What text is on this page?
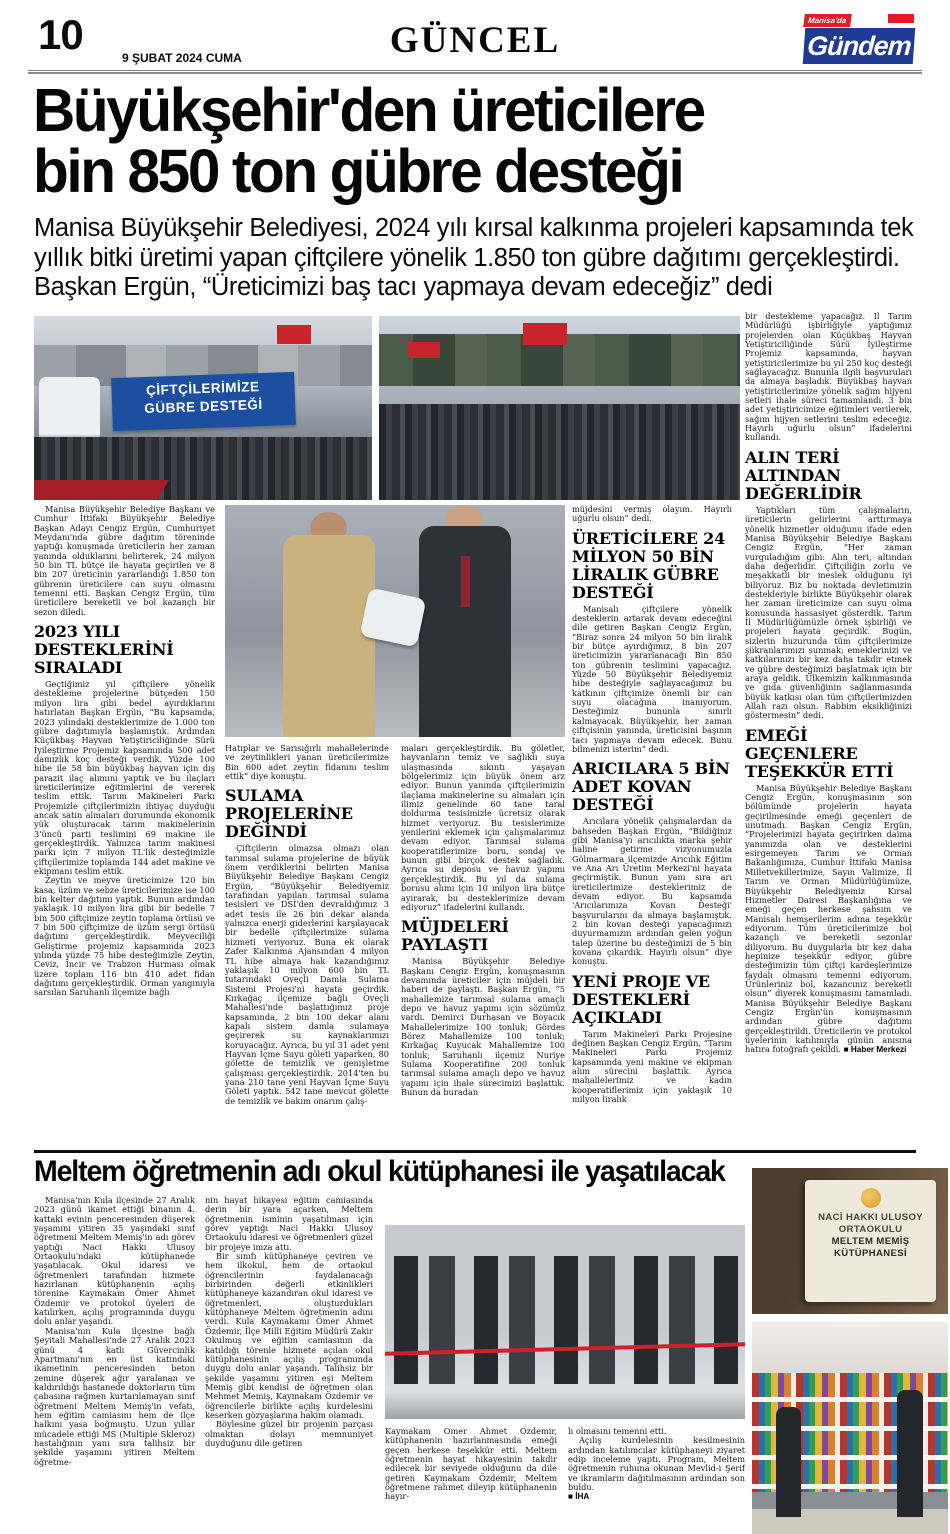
10	9 ŞUBAT 2024 CUMA	GÜNCEL	Manisa'da
Gündem
Büyükşehir'den üreticilere
bin 850 ton gübre desteği

Manisa Büyükşehir Belediyesi, 2024 yılı kırsal kalkınma projeleri kapsamında tek yıllık bitki üretimi yapan çiftçilere yönelik 1.850 ton gübre dağıtımı gerçekleştirdi. Başkan Ergün, “Üreticimizi baş tacı yapmaya devam edeceğiz” dedi

ÇİFTÇİLERİMİZE
GÜBRE DESTEĞİ

Manisa Büyükşehir Belediye Başkanı ve Cumhur İttifakı Büyükşehir Belediye Başkan Adayı Cengiz Ergün, Cumhuriyet Meydanı'nda gübre dağıtım töreninde yaptığı konuşmada üreticilerin her zaman yanında olduklarını belirterek, 24 milyon 50 bin TL bütçe ile hayata geçirilen ve 8 bin 207 üreticinin yararlandığı 1.850 ton gübrenin üreticilere can suyu olmasını temenni etti. Başkan Cengiz Ergün, tüm üreticilere bereketli ve bol kazançlı bir sezon diledi.

2023 YILI DESTEKLERİNİ SIRALADI

Geçtiğimiz yıl çiftçilere yönelik destekleme projelerine bütçeden 150 milyon lira gibi bedel ayırdıklarını hatırlatan Başkan Ergün, “Bu kapsamda, 2023 yılındaki desteklerimize de 1.000 ton gübre dağıtımıyla başlamıştık. Ardından Küçükbaş Hayvan Yetiştiriciliğinde Sürü İyileştirme Projemiz kapsamında 500 adet damızlık koç desteği verdik. Yüzde 100 hibe ile 58 bin büyükbaş hayvan için dış parazit ilaç alımını yaptık ve bu ilaçları üreticilerimize eğitimlerini de vererek teslim ettik. Tarım Makineleri Parkı Projemizle çiftçilerimizin ihtiyaç duyduğu ancak satın almaları durumunda ekonomik yük oluşturacak tarım makinelerinin 3'üncü parti teslimini 69 makine ile gerçekleştirdik. Yalnızca tarım makinesi parkı için 7 milyon TL'lik desteğimizle çiftçilerimize toplamda 144 adet makine ve ekipmanı teslim ettik.

Zeytin ve meyve üreticimize 120 bin kasa, üzüm ve sebze üreticilerimize ise 100 bin kelter dağıtımı yaptık. Bunun ardından yaklaşık 10 milyon lira gibi bir bedelle 7 bin 500 çiftçimize zeytin toplama örtüsü ve 7 bin 500 çiftçimize de üzüm sergi örtüsü dağıtımı gerçekleştirdik. Meyveciliği Geliştirme projemiz kapsamında 2023 yılında yüzde 75 hibe desteğimizle Zeytin, Ceviz, İncir ve Trabzon Hurması olmak üzere toplam 116 bin 410 adet fidan dağıtımı gerçekleştirdik. Orman yangınıyla sarsılan Saruhanlı ilçemize bağlı

Hatıplar ve Sarısığırlı mahallelerinde ve zeytinlikleri yanan üreticilerimize Bin 600 adet zeytin fidanını teslim ettik” diye konuştu.

SULAMA PROJELERİNE DEĞİNDİ

Çiftçilerin olmazsa olmazı olan tarımsal sulama projelerine de büyük önem verdiklerini belirten Manisa Büyükşehir Belediye Başkanı Cengiz Ergün, “Büyükşehir Belediyemiz tarafından yapılan tarımsal sulama tesisleri ve DSİ'den devraldığımız 3 adet tesis ile 26 bin dekar alanda yalnızca enerji giderlerini karşılayacak bir bedelle çiftçilerimize sulama hizmeti veriyoruz. Buna ek olarak Zafer Kalkınma Ajansından 4 milyon TL hibe almaya hak kazandığımız yaklaşık 10 milyon 600 bin TL tutarındaki Oveçli Damla Sulama Sistemi Projesi'ni hayata geçirdik. Kırkağaç ilçemize bağlı Oveçli Mahallesi'nde başlattığımız proje kapsamında, 2 bin 100 dekar alanı kapalı sistem damla sulamaya geçirerek su kaynaklarımızı koruyacağız. Ayrıca, bu yıl 31 adet yeni Hayvan İçme Suyu göleti yaparken, 80 gölette de temizlik ve genişletme çalışması gerçekleştirdik. 2014'ten bu yana 210 tane yeni Hayvan İçme Suyu Göleti yaptık. 542 tane mevcut gölette de temizlik ve bakım onarım çalış-

maları gerçekleştirdik. Bu göletler, hayvanların temiz ve sağlıklı suya ulaşmasında sıkıntı yaşayan bölgelerimiz için büyük önem arz ediyor. Bunun yanında çiftçilerimizin ilaçlama makinelerine su almaları için ilimiz genelinde 60 tane taral doldurma tesisimizle ücretsiz olarak hizmet veriyoruz. Bu tesislerimize yenilerini eklemek için çalışmalarımız devam ediyor. Tarımsal sulama kooperatiflerimize boru, sondaj ve bunun gibi birçok destek sağladık. Ayrıca su deposu ve havuz yapımı gerçekleştirdik. Bu yıl da sulama borusu alımı için 10 milyon lira bütçe ayırarak, bu desteklerimize devam ediyoruz” ifadelerini kullandı.

MÜJDELERİ PAYLAŞTI

Manisa Büyükşehir Belediye Başkanı Cengiz Ergün, konuşmasının devamında üreticiler için müjdeli bir haberi de paylaştı. Başkan Ergün, “5 mahallemize tarımsal sulama amaçlı depo ve havuz yapımı için sözümüz vardı. Demirci Durhasan ve Boyacık Mahallelerimize 100 tonluk; Gördes Börez Mahallemize 100 tonluk; Kırkağaç Kuyucak Mahallemize 100 tonluk; Saruhanlı ilçemiz Nuriye Sulama Kooperatifine 200 tonluk tarımsal sulama amaçlı depo ve havuz yapımı için ihale sürecimizi başlattık. Bunun da buradan

müjdesini vermiş olayım. Hayırlı uğurlu olsun” dedi.

ÜRETİCİLERE 24 MİLYON 50 BİN LİRALIK GÜBRE DESTEĞİ

Manisalı çiftçilere yönelik desteklerin artarak devam edeceğini dile getiren Başkan Cengiz Ergün, “Biraz sonra 24 milyon 50 bin liralık bir bütçe ayırdığımız, 8 bin 207 üreticimizin yararlanacağı Bin 850 ton gübrenin teslimini yapacağız. Yüzde 50 Büyükşehir Belediyemiz hibe desteğiyle sağlayacağımız bu katkının çiftçimize önemli bir can suyu olacağına inanıyorum. Desteğimiz bununla sınırlı kalmayacak. Büyükşehir, her zaman çiftçisinin yanında, üreticisini başının tacı yapmaya devam edecek. Bunu bilmenizi isterim” dedi.

ARICILARA 5 BİN ADET KOVAN DESTEĞİ

Arıcılara yönelik çalışmalardan da bahseden Başkan Ergün, “Bildiğiniz gibi Manisa'yı arıcılıkta marka şehir haline getirme vizyonumuzla Gölmarmara ilçemizde Arıcılık Eğitim ve Ana Arı Üretim Merkezi'ni hayata geçirmiştik. Bunun yanı sıra arı üreticilerimize desteklerimiz de devam ediyor. Bu kapsamda 'Arıcılarımıza Kovan Desteği' başvurularını da almaya başlamıştık. 2 bin kovan desteği yapacağımızı duyurmamızın ardından gelen yoğun talep üzerine bu desteğimizi de 5 bin kovana çıkardık. Hayırlı olsun” diye konuştu.

YENİ PROJE VE DESTEKLERİ AÇIKLADI

Tarım Makineleri Parkı Projesine değinen Başkan Cengiz Ergün, “Tarım Makineleri Parkı Projemiz kapsamında yeni makine ve ekipman alım sürecini başlattık. Ayrıca mahallelerimiz ve kadın kooperatiflerimiz için yaklaşık 10 milyon liralık

bir destekleme yapacağız. İl Tarım Müdürlüğü işbirliğiyle yaptığımız projelerden olan Küçükbaş Hayvan Yetiştiriciliğinde Sürü İyileştirme Projemiz kapsamında, hayvan yetiştiricilerimize bu yıl 250 koç desteği sağlayacağız. Bununla ilgili başvuruları da almaya başladık. Büyükbaş hayvan yetiştiricilerimize yönelik sağım hijyeni setleri ihale süreci tamamlandı. 3 bin adet yetiştiricimize eğitimleri verilerek, sağım hijyen setlerini teslim edeceğiz. Hayırlı uğurlu olsun” ifadelerini kullandı.

ALIN TERİ ALTINDAN DEĞERLİDİR

Yaptıkları tüm çalışmaların, üreticilerin gelirlerini arttırmaya yönelik hizmetler olduğunu ifade eden Manisa Büyükşehir Belediye Başkanı Cengiz Ergün, “Her zaman vurguladığım gibi: Alın teri, altından daha değerlidir. Çiftçiliğin zorlu ve meşakkatli bir meslek olduğunu iyi biliyoruz. Biz bu noktada devletimizin destekleriyle birlikte Büyükşehir olarak her zaman üreticimize can suyu olma konusunda hassasiyet gösterdik. Tarım İl Müdürlüğümüzle örnek işbirliği ve projeleri hayata geçirdik. Bugün, sizlerin huzurunda tüm çiftçilerimize şükranlarımızı sunmak; emeklerinizi ve katkılarınızı bir kez daha takdir etmek ve gübre desteğimizi başlatmak için bir araya geldik. Ülkemizin kalkınmasında ve gıda güvenliğinin sağlanmasında büyük katkısı olan tüm çiftçilerimizden Allah razı olsun. Rabbim eksikliğinizi göstermesin” dedi.

EMEĞİ GEÇENLERE TEŞEKKÜR ETTİ

Manisa Büyükşehir Belediye Başkanı Cengiz Ergün, konuşmasının son bölümünde projelerin hayata geçirilmesinde emeği geçenleri de unutmadı. Başkan Cengiz Ergün, “Projelerimizi hayata geçirirken daima yanımızda olan ve desteklerini esirgemeyen Tarım ve Orman Bakanlığımıza, Cumhur İttifakı Manisa Milletvekillerimize, Sayın Valimize, İl Tarım ve Orman Müdürlüğümüze, Büyükşehir Belediyemiz Kırsal Hizmetler Dairesi Başkanlığına ve emeği geçen herkese şahsım ve Manisalı hemşerilerim adına teşekkür ediyorum. Tüm üreticilerimize bol kazançlı ve bereketli sezonlar diliyorum. Bu duygularla bir kez daha hepinize teşekkür ediyor, gübre desteğimizin tüm çiftçi kardeşlerimize faydalı olmasını temenni ediyorum. Ürünleriniz bol, kazancınız bereketli olsun” diyerek konuşmasını tamamladı. Manisa Büyükşehir Belediye Başkanı Cengiz Ergün'ün konuşmasının ardından gübre dağıtımı gerçekleştirildi. Üreticilerin ve protokol üyelerinin katılımıyla günün anısına hatıra fotoğrafı çekildi. ■ Haber Merkezi

Meltem öğretmenin adı okul kütüphanesi ile yaşatılacak

Manisa'nın Kula ilçesinde 27 Aralık 2023 günü ikamet ettiği binanın 4. kattaki evinin penceresinden düşerek yaşamını yitiren 35 yaşındaki sınıf öğretmeni Meltem Memiş'in adı görev yaptığı Naci Hakkı Ulusoy Ortaokulu'ndaki kütüphanede yaşatılacak. Okul idaresi ve öğretmenleri tarafından hizmete hazırlanan kütüphanenin açılış törenine Kaymakam Ömer Ahmet Özdemir ve protokol üyeleri de katılırken, açılış programında duygu dolu anlar yaşandı.

Manisa'nın Kula ilçesine bağlı Şeyitali Mahallesi'nde 27 Aralık 2023 günü 4 katlı Güvercinlik Apartmanı'nın en üst katındaki ikametinin penceresinden beton zemine düşerek ağır yaralanan ve kaldırıldığı hastanede doktorların tüm çabasına rağmen kurtarılamayan sınıf öğretmeni Meltem Memiş'in vefatı, hem eğitim camiasını hem de ilçe halkını yasa boğmuştu. Uzun yıllar mücadele ettiği MS (Multiple Skleroz) hastalığının yanı sıra talihsiz bir şekilde yaşamını yitiren Meltem öğretme-

nin hayat hikayesi eğitim camiasında derin bir yara açarken, Meltem öğretmenin isminin yaşatılması için görev yaptığı Naci Hakkı Ulusoy Ortaokulu idaresi ve öğretmenleri güzel bir projeye imza attı.

Bir sınıfı kütüphaneye çeviren ve hem ilkokul, hem de ortaokul öğrencilerinin faydalanacağı birbirinden değerli etkinlikleri kütüphaneye kazandıran okul idaresi ve öğretmenleri, oluşturdukları kütüphaneye Meltem öğretmenin adını verdi. Kula Kaymakamı Ömer Ahmet Özdemir, İlçe Milli Eğitim Müdürü Zakir Okulmuş ve eğitim camiasının da katıldığı törenle hizmete açılan okul kütüphanesinin açılış programında duygu dolu anlar yaşandı. Talihsiz bir şekilde yaşamını yitiren eşi Meltem Memiş gibi kendisi de öğretmen olan Mehmet Memiş, Kaymakam Özdemir ve öğrencilerle birlikte açılış kurdelesini keserken gözyaşlarına hakim olamadı.

Böylesine güzel bir projenin parçası olmaktan dolayı memnuniyet duyduğunu dile getiren

Kaymakam Ömer Ahmet Özdemir, kütüphanenin hazırlanmasında emeği geçen herkese teşekkür etti. Meltem öğretmenin hayat hikayesinin takdir edilecek bir seviyede olduğunu da dile getiren Kaymakam Özdemir, Meltem öğretmene rahmet dileyip kütüphanenin hayır-

lı olmasını temenni etti.

Açılış kurdelesinin kesilmesinin ardından katılımcılar kütüphaneyi ziyaret edip inceleme yaptı. Program, Meltem öğretmenin ruhuna okunan Mevlid-i Şerif ve ikramların dağıtılmasının ardından son buldu.

■ İHA

NACİ HAKKI ULUSOY
ORTAOKULU
MELTEM MEMİŞ
KÜTÜPHANESİ
